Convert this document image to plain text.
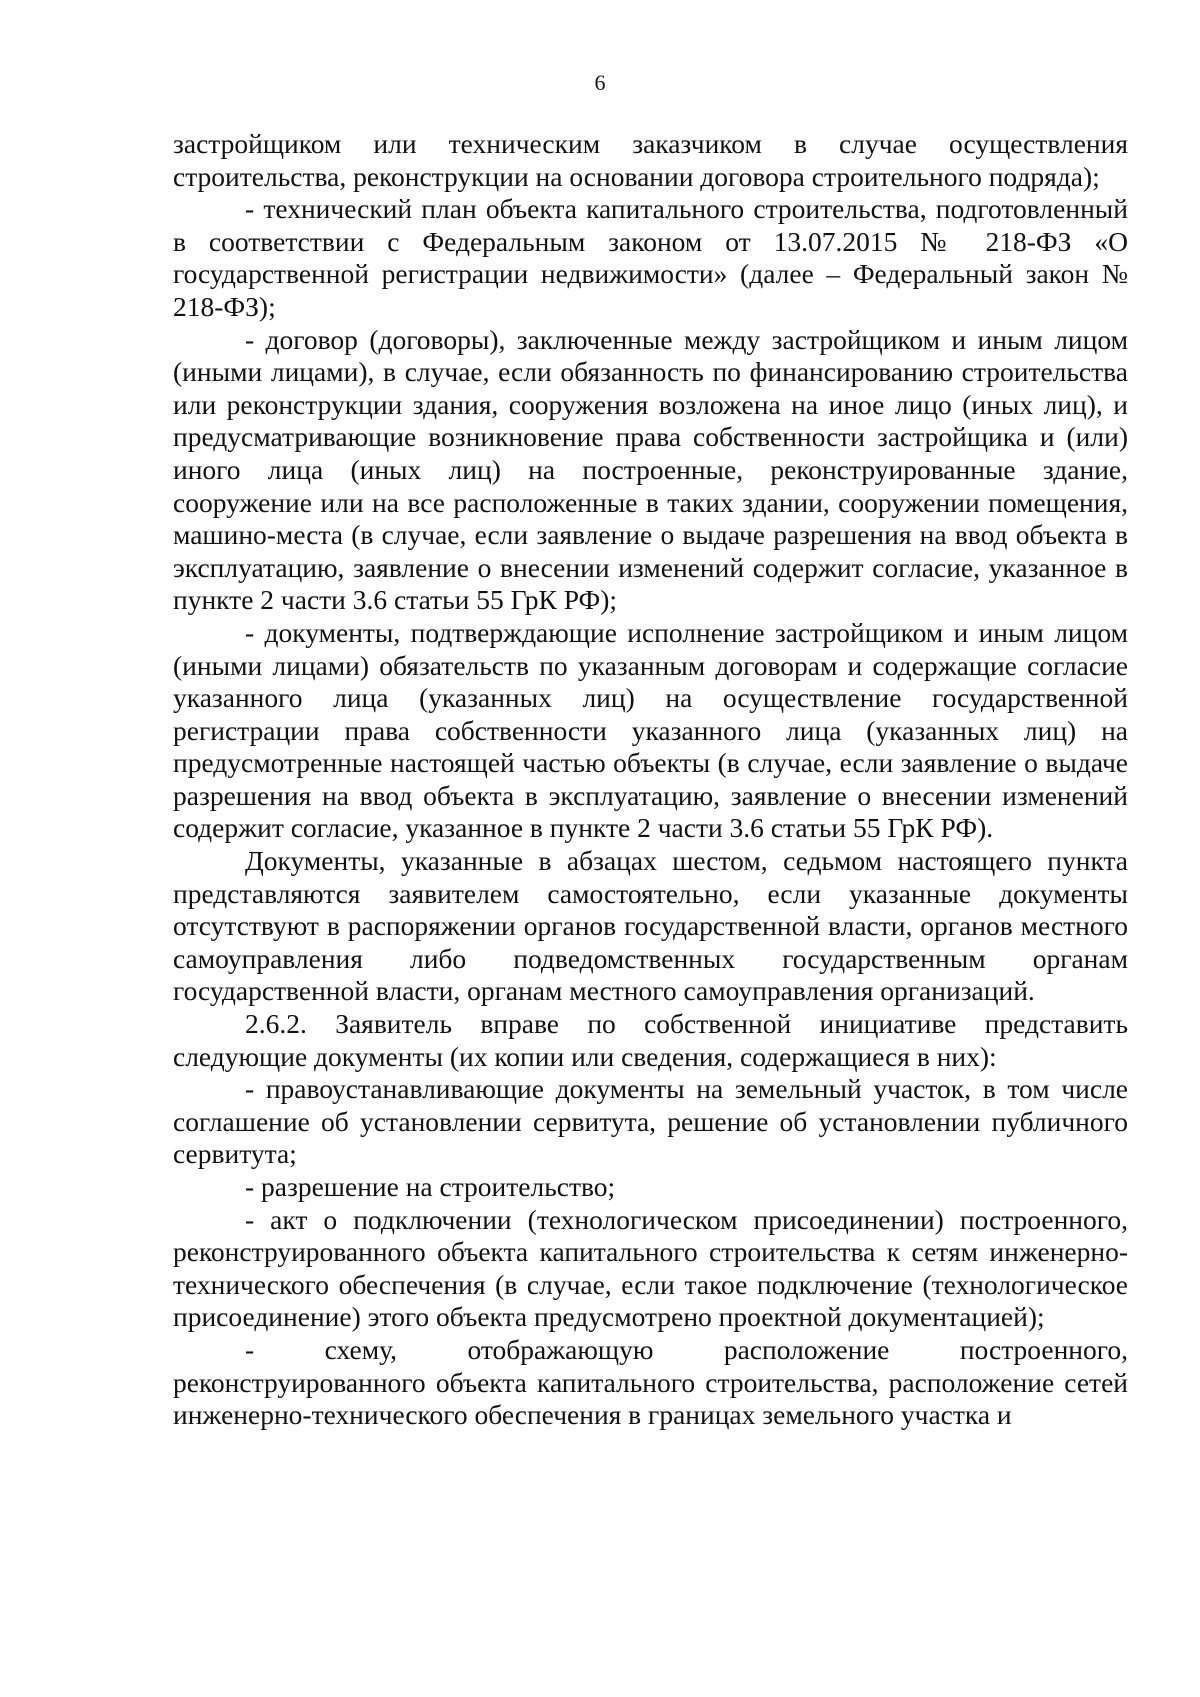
6

застройщиком или техническим заказчиком в случае осуществления строительства, реконструкции на основании договора строительного подряда);

- технический план объекта капитального строительства, подготовленный в соответствии с Федеральным законом от 13.07.2015 № 218-ФЗ «О государственной регистрации недвижимости» (далее – Федеральный закон № 218-ФЗ);

- договор (договоры), заключенные между застройщиком и иным лицом (иными лицами), в случае, если обязанность по финансированию строительства или реконструкции здания, сооружения возложена на иное лицо (иных лиц), и предусматривающие возникновение права собственности застройщика и (или) иного лица (иных лиц) на построенные, реконструированные здание, сооружение или на все расположенные в таких здании, сооружении помещения, машино-места (в случае, если заявление о выдаче разрешения на ввод объекта в эксплуатацию, заявление о внесении изменений содержит согласие, указанное в пункте 2 части 3.6 статьи 55 ГрК РФ);

- документы, подтверждающие исполнение застройщиком и иным лицом (иными лицами) обязательств по указанным договорам и содержащие согласие указанного лица (указанных лиц) на осуществление государственной регистрации права собственности указанного лица (указанных лиц) на предусмотренные настоящей частью объекты (в случае, если заявление о выдаче разрешения на ввод объекта в эксплуатацию, заявление о внесении изменений содержит согласие, указанное в пункте 2 части 3.6 статьи 55 ГрК РФ).

Документы, указанные в абзацах шестом, седьмом настоящего пункта представляются заявителем самостоятельно, если указанные документы отсутствуют в распоряжении органов государственной власти, органов местного самоуправления либо подведомственных государственным органам государственной власти, органам местного самоуправления организаций.

2.6.2. Заявитель вправе по собственной инициативе представить следующие документы (их копии или сведения, содержащиеся в них):

- правоустанавливающие документы на земельный участок, в том числе соглашение об установлении сервитута, решение об установлении публичного сервитута;

- разрешение на строительство;

- акт о подключении (технологическом присоединении) построенного, реконструированного объекта капитального строительства к сетям инженерно-технического обеспечения (в случае, если такое подключение (технологическое присоединение) этого объекта предусмотрено проектной документацией);

- схему, отображающую расположение построенного, реконструированного объекта капитального строительства, расположение сетей инженерно-технического обеспечения в границах земельного участка и
